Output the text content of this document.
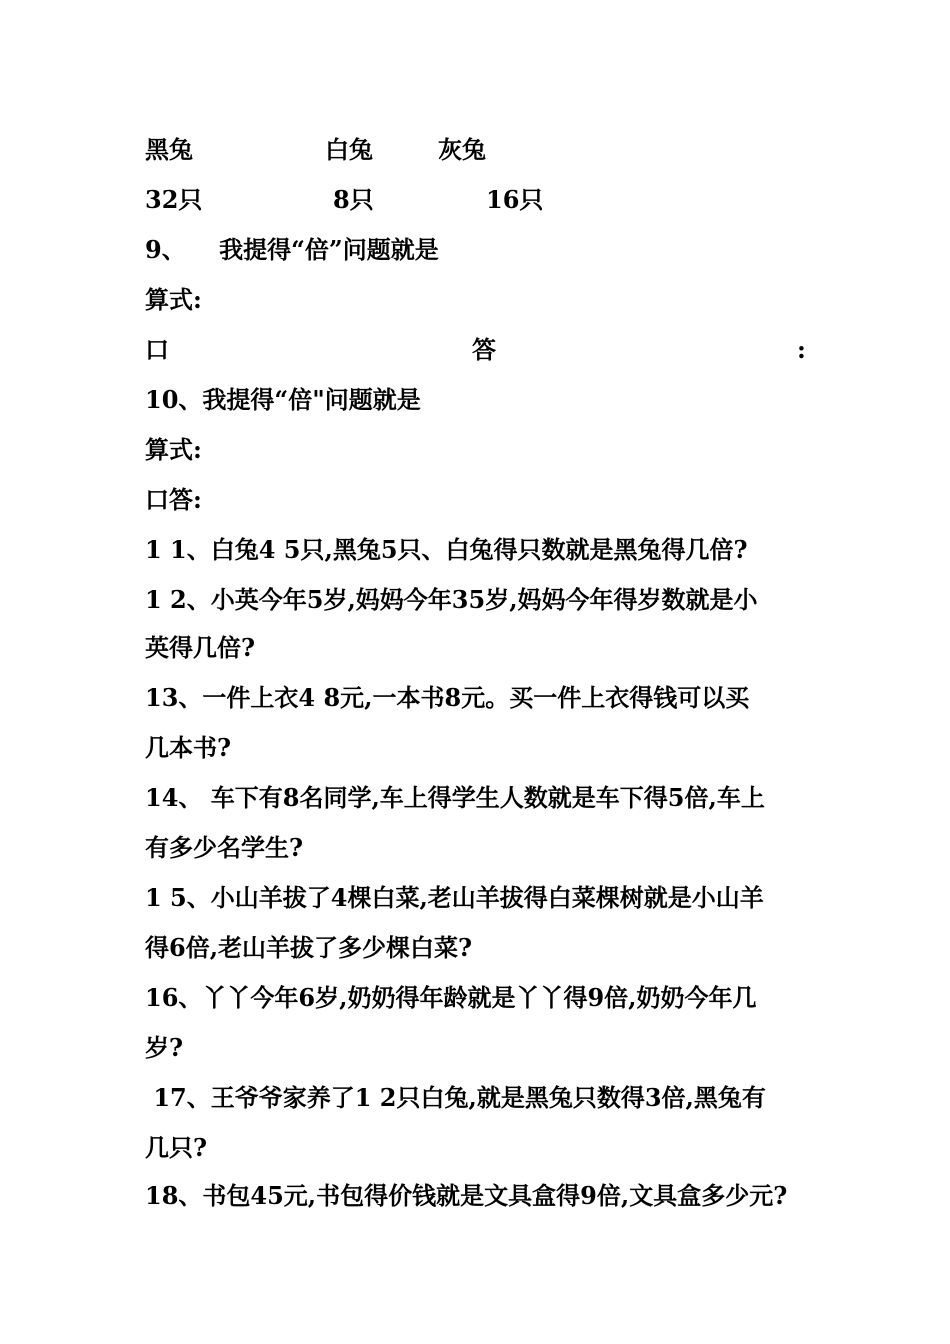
黑兔	白兔	灰兔
32只	8只	16只
9、    我提得“倍”问题就是
算式:
口	答	:
10、我提得“倍"问题就是
算式:
口答:
1 1、白兔4 5只,黑兔5只、白兔得只数就是黑兔得几倍?
1 2、小英今年5岁,妈妈今年35岁,妈妈今年得岁数就是小
英得几倍?
13、一件上衣4 8元,一本书8元。买一件上衣得钱可以买
几本书?
14、 车下有8名同学,车上得学生人数就是车下得5倍,车上
有多少名学生?
1 5、小山羊拔了4棵白菜,老山羊拔得白菜棵树就是小山羊
得6倍,老山羊拔了多少棵白菜?
16、丫丫今年6岁,奶奶得年龄就是丫丫得9倍,奶奶今年几
岁?
17、王爷爷家养了1 2只白兔,就是黑兔只数得3倍,黑兔有
几只?
18、书包45元,书包得价钱就是文具盒得9倍,文具盒多少元?
